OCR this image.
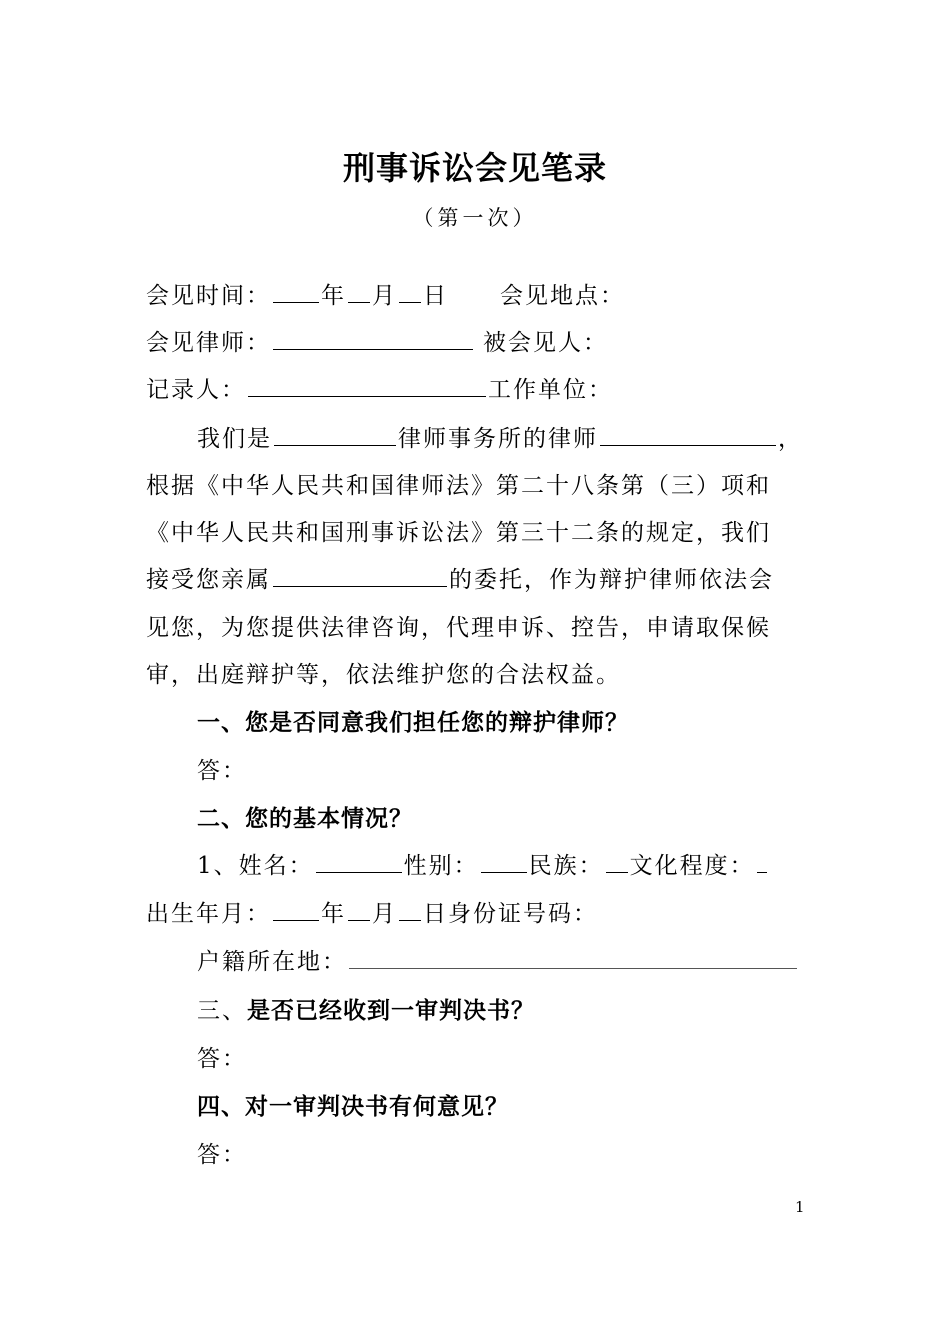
刑事诉讼会见笔录
（第一次）
会见时间： 年 月 日 会见地点：
会见律师：	被会见人：
记录人：	工作单位：
我们是	律师事务所的律师	，
根据《中华人民共和国律师法》第二十八条第（三）项和
《中华人民共和国刑事诉讼法》第三十二条的规定，我们
接受您亲属	的委托，作为辩护律师依法会
见您，为您提供法律咨询，代理申诉、控告，申请取保候
审，出庭辩护等，依法维护您的合法权益。
一、您是否同意我们担任您的辩护律师？
答：
二、您的基本情况？
1、姓名：	性别： 民族： 文化程度：
出生年月： 年 月 日身份证号码：
户籍所在地：
三、是否已经收到一审判决书？
答：
四、对一审判决书有何意见？
答：
1
